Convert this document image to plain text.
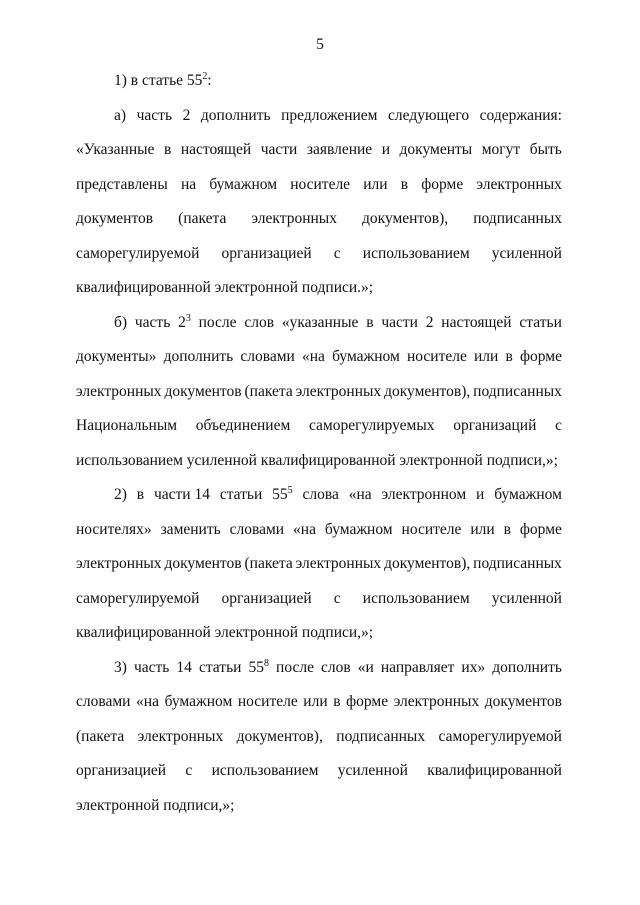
5
1) в статье $55^2$:
а) часть 2 дополнить предложением следующего содержания:
«Указанные в настоящей части заявление и документы могут быть
представлены на бумажном носителе или в форме электронных
документов (пакета электронных документов), подписанных
саморегулируемой организацией с использованием усиленной
квалифицированной электронной подписи.»;
б) часть $2^3$ после слов «указанные в части 2 настоящей статьи
документы» дополнить словами «на бумажном носителе или в форме
электронных документов (пакета электронных документов), подписанных
Национальным объединением саморегулируемых организаций с
использованием усиленной квалифицированной электронной подписи,»;
2) в части 14 статьи $55^5$ слова «на электронном и бумажном
носителях» заменить словами «на бумажном носителе или в форме
электронных документов (пакета электронных документов), подписанных
саморегулируемой организацией с использованием усиленной
квалифицированной электронной подписи,»;
3) часть 14 статьи $55^8$ после слов «и направляет их» дополнить
словами «на бумажном носителе или в форме электронных документов
(пакета электронных документов), подписанных саморегулируемой
организацией с использованием усиленной квалифицированной
электронной подписи,»;
